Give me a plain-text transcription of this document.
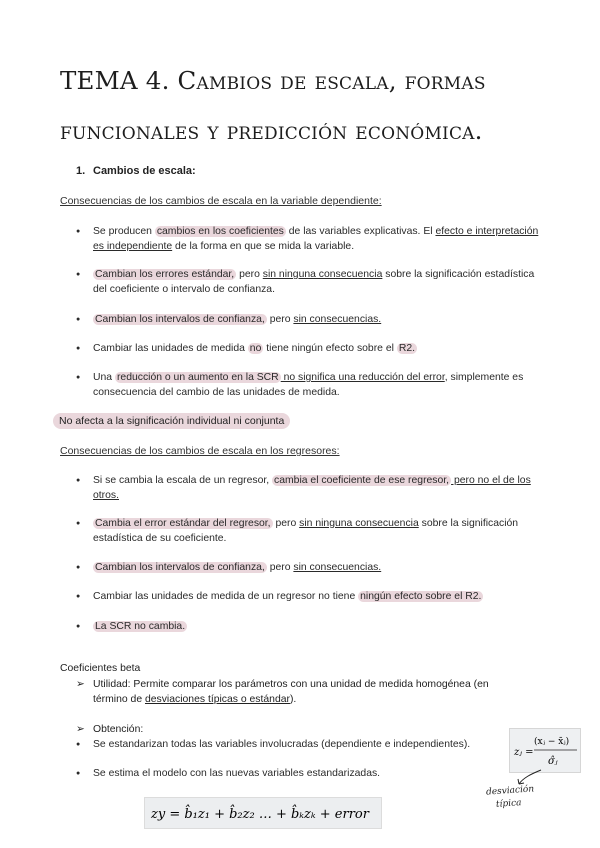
TEMA 4. Cambios de escala, formas funcionales y predicción económica.
1. Cambios de escala:
Consecuencias de los cambios de escala en la variable dependiente:
● Se producen cambios en los coeficientes de las variables explicativas. El efecto e interpretación es independiente de la forma en que se mida la variable.
● Cambian los errores estándar, pero sin ninguna consecuencia sobre la significación estadística del coeficiente o intervalo de confianza.
● Cambian los intervalos de confianza, pero sin consecuencias.
● Cambiar las unidades de medida no tiene ningún efecto sobre el R2.
● Una reducción o un aumento en la SCR no significa una reducción del error, simplemente es consecuencia del cambio de las unidades de medida.
No afecta a la significación individual ni conjunta
Consecuencias de los cambios de escala en los regresores:
● Si se cambia la escala de un regresor, cambia el coeficiente de ese regresor, pero no el de los otros.
● Cambia el error estándar del regresor, pero sin ninguna consecuencia sobre la significación estadística de su coeficiente.
● Cambian los intervalos de confianza, pero sin consecuencias.
● Cambiar las unidades de medida de un regresor no tiene ningún efecto sobre el R2.
● La SCR no cambia.
Coeficientes beta
➢ Utilidad: Permite comparar los parámetros con una unidad de medida homogénea (en término de desviaciones típicas o estándar).
➢ Obtención:
● Se estandarizan todas las variables involucradas (dependiente e independientes).
● Se estima el modelo con las nuevas variables estandarizadas.
zⱼ =
(xⱼ − x̄ⱼ)
σ̂ⱼ
desviación
típica
zy = b̂₁z₁ + b̂₂z₂ … + b̂ₖzₖ + error
